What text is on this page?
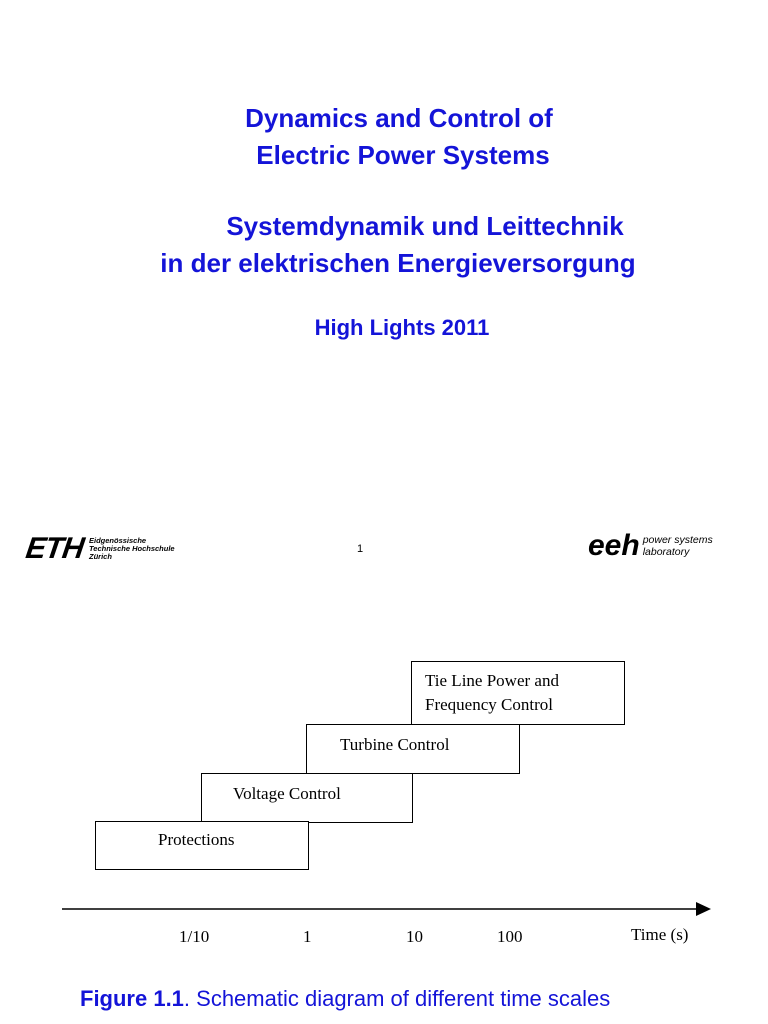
Dynamics and Control of
Electric Power Systems
Systemdynamik und Leittechnik
in der elektrischen Energieversorgung
High Lights 2011
ETH Eidgenössische
Technische Hochschule
Zürich
1	eeh power systems
laboratory
Tie Line Power and
Frequency Control
Turbine Control
Voltage Control
Protections
1/10	1	10	100	Time (s)
Figure 1.1. Schematic diagram of different time scales
